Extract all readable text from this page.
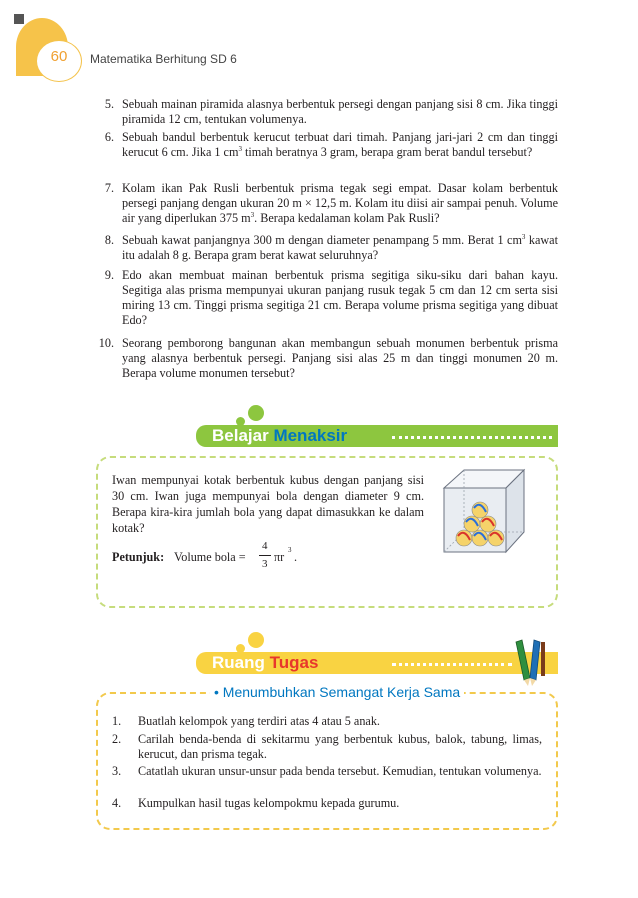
60	Matematika Berhitung SD 6
5. Sebuah mainan piramida alasnya berbentuk persegi dengan panjang sisi 8 cm. Jika tinggi piramida 12 cm, tentukan volumenya.
6. Sebuah bandul berbentuk kerucut terbuat dari timah. Panjang jari-jari 2 cm dan tinggi kerucut 6 cm. Jika 1 $cm^3$ timah beratnya 3 gram, berapa gram berat bandul tersebut?
7. Kolam ikan Pak Rusli berbentuk prisma tegak segi empat. Dasar kolam berbentuk persegi panjang dengan ukuran 20 m × 12,5 m. Kolam itu diisi air sampai penuh. Volume air yang diperlukan 375 $m^3$. Berapa kedalaman kolam Pak Rusli?
8. Sebuah kawat panjangnya 300 m dengan diameter penampang 5 mm. Berat 1 $cm^3$ kawat itu adalah 8 g. Berapa gram berat kawat seluruhnya?
9. Edo akan membuat mainan berbentuk prisma segitiga siku-siku dari bahan kayu. Segitiga alas prisma mempunyai ukuran panjang rusuk tegak 5 cm dan 12 cm serta sisi miring 13 cm. Tinggi prisma segitiga 21 cm. Berapa volume prisma segitiga yang dibuat Edo?
10. Seorang pemborong bangunan akan membangun sebuah monumen berbentuk prisma yang alasnya berbentuk persegi. Panjang sisi alas 25 m dan tinggi monumen 20 m. Berapa volume monumen tersebut?
Belajar Menaksir
Iwan mempunyai kotak berbentuk kubus dengan panjang sisi 30 cm. Iwan juga mempunyai bola dengan diameter 9 cm. Berapa kira-kira jumlah bola yang dapat dimasukkan ke dalam kotak?
Petunjuk: Volume bola =
4
3 πr 3 .
Ruang Tugas
• Menumbuhkan Semangat Kerja Sama
1.	Buatlah kelompok yang terdiri atas 4 atau 5 anak.
2.	Carilah benda-benda di sekitarmu yang berbentuk kubus, balok, tabung, limas, kerucut, dan prisma tegak.
3.	Catatlah ukuran unsur-unsur pada benda tersebut. Kemudian, tentukan volumenya.
4.	Kumpulkan hasil tugas kelompokmu kepada gurumu.
